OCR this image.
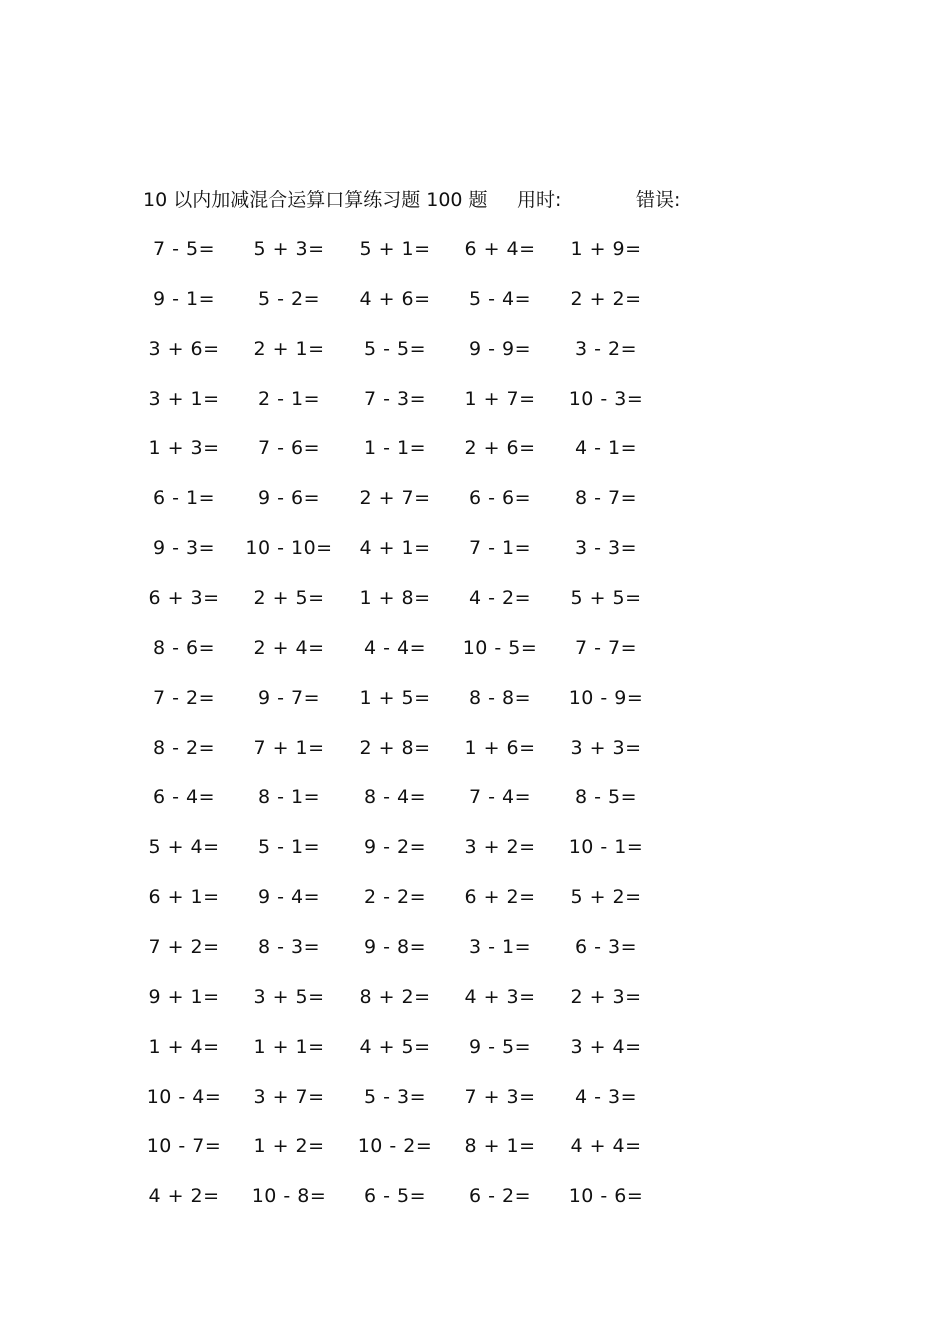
10 以内加减混合运算口算练习题 100 题 用时:	错误:
7 - 5=	5 + 3=	5 + 1=	6 + 4=	1 + 9=
9 - 1=	5 - 2=	4 + 6=	5 - 4=	2 + 2=
3 + 6=	2 + 1=	5 - 5=	9 - 9=	3 - 2=
3 + 1=	2 - 1=	7 - 3=	1 + 7=	10 - 3=
1 + 3=	7 - 6=	1 - 1=	2 + 6=	4 - 1=
6 - 1=	9 - 6=	2 + 7=	6 - 6=	8 - 7=
9 - 3=	10 - 10=	4 + 1=	7 - 1=	3 - 3=
6 + 3=	2 + 5=	1 + 8=	4 - 2=	5 + 5=
8 - 6=	2 + 4=	4 - 4=	10 - 5=	7 - 7=
7 - 2=	9 - 7=	1 + 5=	8 - 8=	10 - 9=
8 - 2=	7 + 1=	2 + 8=	1 + 6=	3 + 3=
6 - 4=	8 - 1=	8 - 4=	7 - 4=	8 - 5=
5 + 4=	5 - 1=	9 - 2=	3 + 2=	10 - 1=
6 + 1=	9 - 4=	2 - 2=	6 + 2=	5 + 2=
7 + 2=	8 - 3=	9 - 8=	3 - 1=	6 - 3=
9 + 1=	3 + 5=	8 + 2=	4 + 3=	2 + 3=
1 + 4=	1 + 1=	4 + 5=	9 - 5=	3 + 4=
10 - 4=	3 + 7=	5 - 3=	7 + 3=	4 - 3=
10 - 7=	1 + 2=	10 - 2=	8 + 1=	4 + 4=
4 + 2=	10 - 8=	6 - 5=	6 - 2=	10 - 6=
